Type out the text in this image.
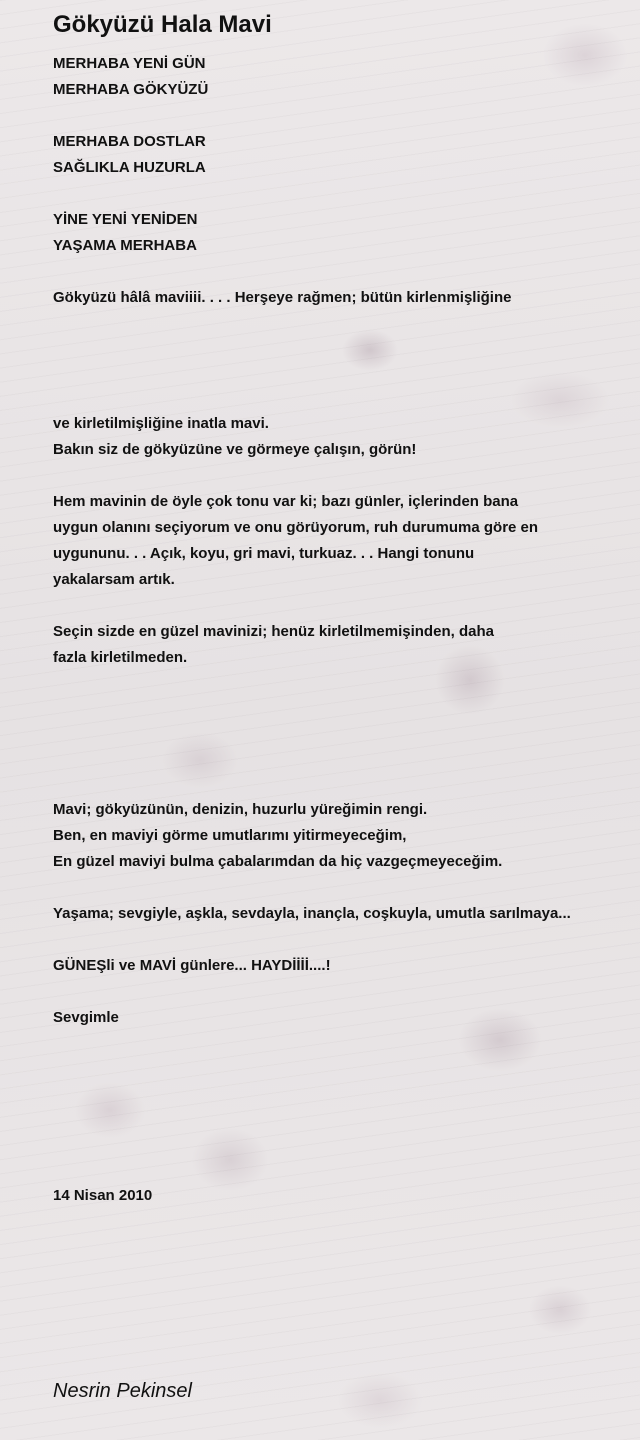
Gökyüzü Hala Mavi
MERHABA YENİ GÜN
MERHABA GÖKYÜZÜ
MERHABA DOSTLAR
SAĞLIKLA HUZURLA
YİNE YENİ YENİDEN
YAŞAMA MERHABA
Gökyüzü hâlâ maviiii. . . . Herşeye rağmen; bütün kirlenmişliğine
ve kirletilmişliğine inatla mavi.
Bakın siz de gökyüzüne ve görmeye çalışın, görün!
Hem mavinin de öyle çok tonu var ki; bazı günler, içlerinden bana
uygun olanını seçiyorum ve onu görüyorum, ruh durumuma göre en
uygununu. . . Açık, koyu, gri mavi, turkuaz. . . Hangi tonunu
yakalarsam artık.
Seçin sizde en güzel mavinizi; henüz kirletilmemişinden, daha
fazla kirletilmeden.
Mavi; gökyüzünün, denizin, huzurlu yüreğimin rengi.
Ben, en maviyi görme umutlarımı yitirmeyeceğim,
En güzel maviyi bulma çabalarımdan da hiç vazgeçmeyeceğim.
Yaşama; sevgiyle, aşkla, sevdayla, inançla, coşkuyla, umutla sarılmaya...
GÜNEŞli ve MAVİ günlere... HAYDİİİİ....!
Sevgimle
14 Nisan 2010
Nesrin Pekinsel
